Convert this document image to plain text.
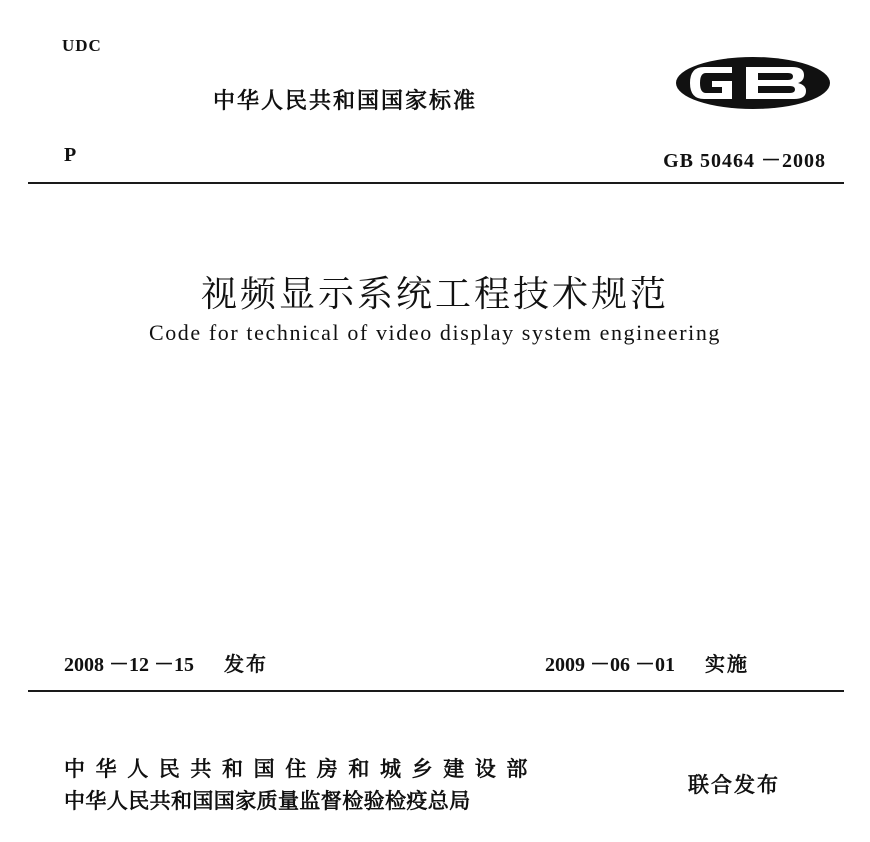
UDC
中华人民共和国国家标准
P	GB 50464 －2008
视频显示系统工程技术规范
Code for technical of video display system engineering
2008 －12 －15 发布	2009 －06 －01 实施
中华人民共和国住房和城乡建设部
中华人民共和国国家质量监督检验检疫总局
联合发布
